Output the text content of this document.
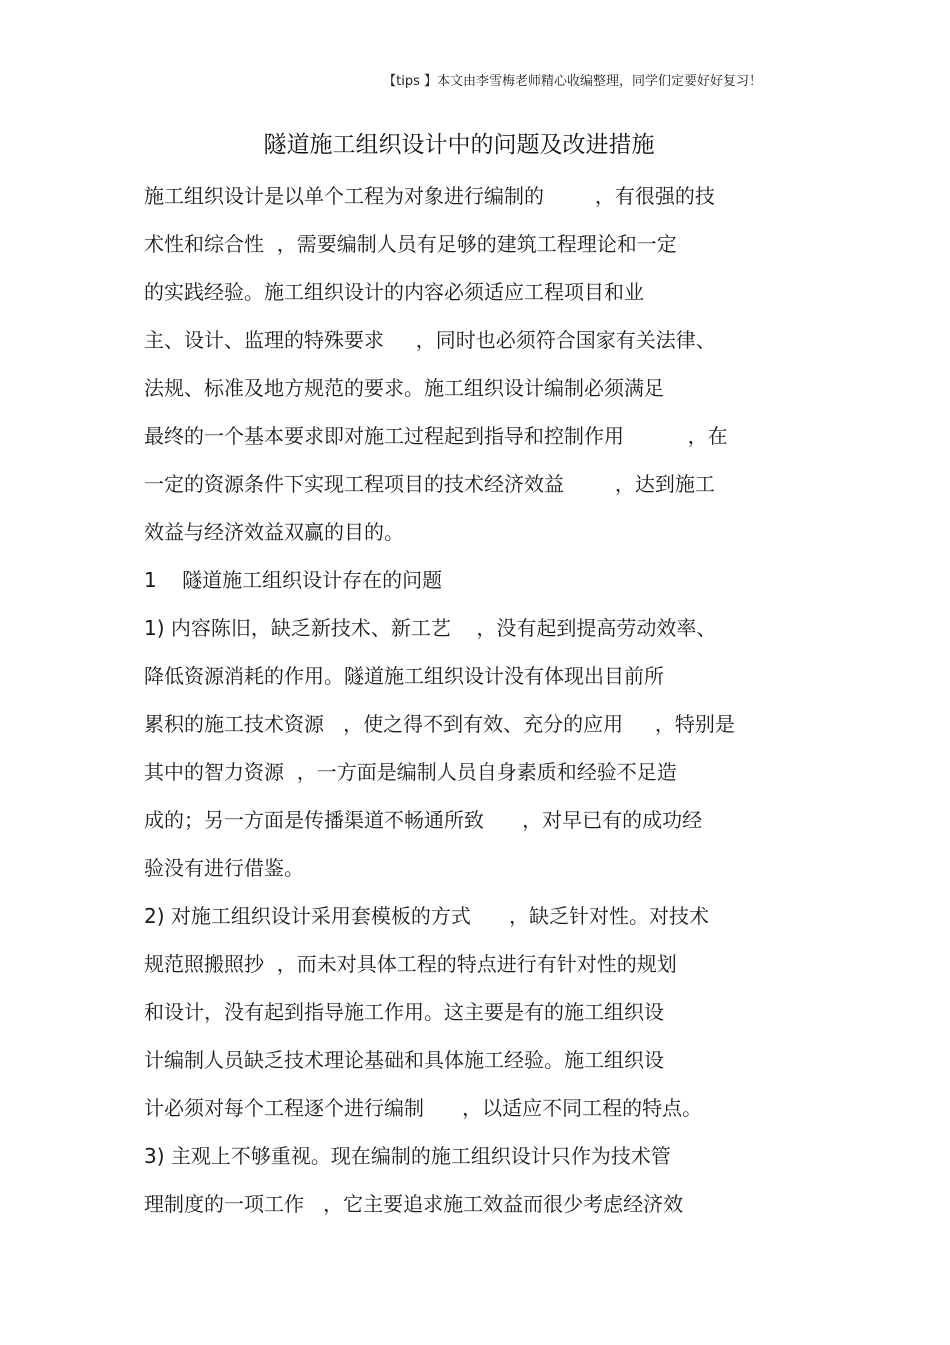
【tips 】本文由李雪梅老师精心收编整理，同学们定要好好复习！
隧道施工组织设计中的问题及改进措施
施工组织设计是以单个工程为对象进行编制的        ，有很强的技
术性和综合性  ，需要编制人员有足够的建筑工程理论和一定
的实践经验。施工组织设计的内容必须适应工程项目和业
主、设计、监理的特殊要求     ，同时也必须符合国家有关法律、
法规、标准及地方规范的要求。施工组织设计编制必须满足
最终的一个基本要求即对施工过程起到指导和控制作用          ，在
一定的资源条件下实现工程项目的技术经济效益        ，达到施工
效益与经济效益双赢的目的。
1    隧道施工组织设计存在的问题
1) 内容陈旧，缺乏新技术、新工艺    ，没有起到提高劳动效率、
降低资源消耗的作用。隧道施工组织设计没有体现出目前所
累积的施工技术资源   ，使之得不到有效、充分的应用     ，特别是
其中的智力资源  ，一方面是编制人员自身素质和经验不足造
成的；另一方面是传播渠道不畅通所致      ，对早已有的成功经
验没有进行借鉴。
2) 对施工组织设计采用套模板的方式      ，缺乏针对性。对技术
规范照搬照抄  ，而未对具体工程的特点进行有针对性的规划
和设计，没有起到指导施工作用。这主要是有的施工组织设
计编制人员缺乏技术理论基础和具体施工经验。施工组织设
计必须对每个工程逐个进行编制      ，以适应不同工程的特点。
3) 主观上不够重视。现在编制的施工组织设计只作为技术管
理制度的一项工作   ，它主要追求施工效益而很少考虑经济效
